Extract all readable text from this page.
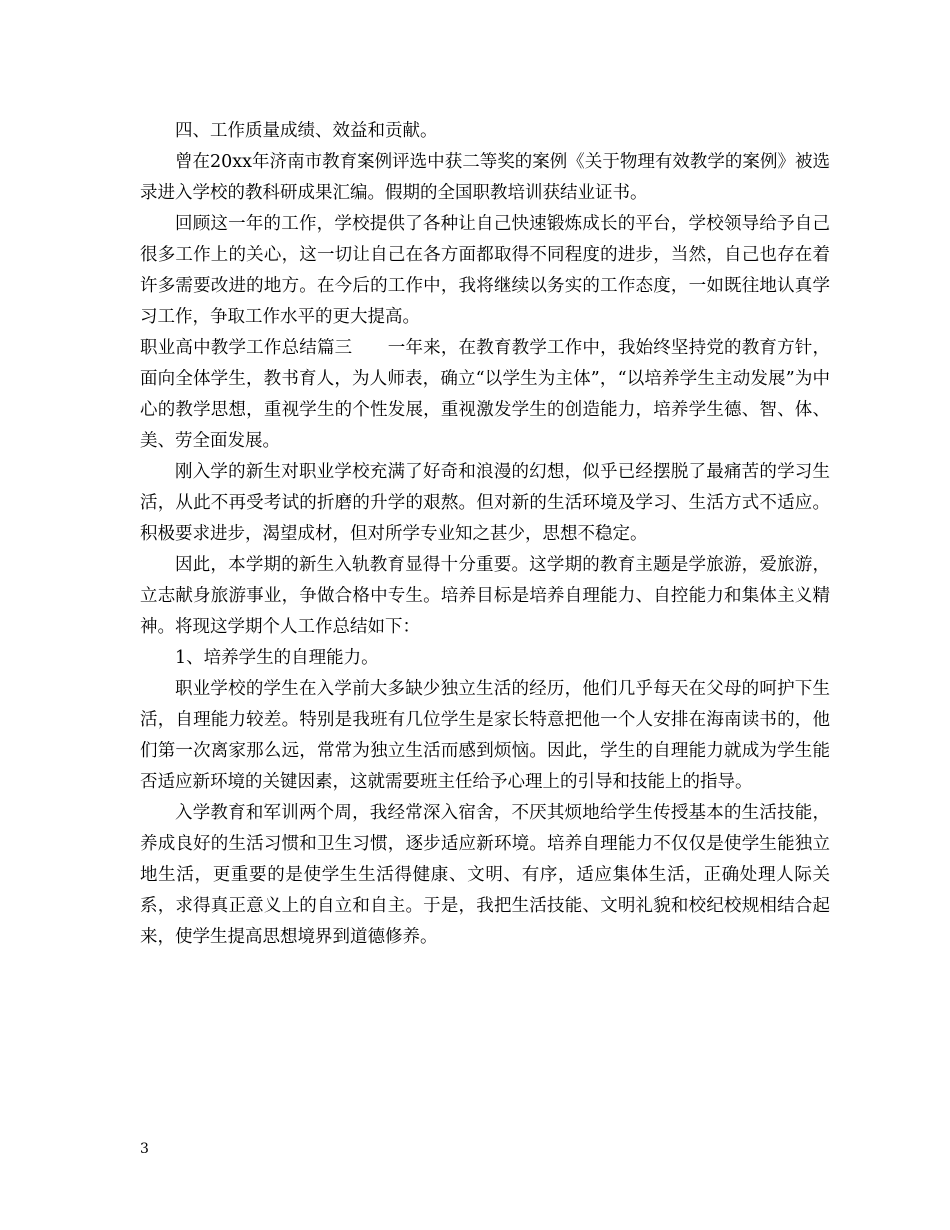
四、工作质量成绩、效益和贡献。

曾在20xx年济南市教育案例评选中获二等奖的案例《关于物理有效教学的案例》被选录进入学校的教科研成果汇编。假期的全国职教培训获结业证书。

回顾这一年的工作，学校提供了各种让自己快速锻炼成长的平台，学校领导给予自己很多工作上的关心，这一切让自己在各方面都取得不同程度的进步，当然，自己也存在着许多需要改进的地方。在今后的工作中，我将继续以务实的工作态度，一如既往地认真学习工作，争取工作水平的更大提高。

职业高中教学工作总结篇三　　一年来，在教育教学工作中，我始终坚持党的教育方针，面向全体学生，教书育人，为人师表，确立“以学生为主体”，“以培养学生主动发展”为中心的教学思想，重视学生的个性发展，重视激发学生的创造能力，培养学生德、智、体、美、劳全面发展。

刚入学的新生对职业学校充满了好奇和浪漫的幻想，似乎已经摆脱了最痛苦的学习生活，从此不再受考试的折磨的升学的艰熬。但对新的生活环境及学习、生活方式不适应。积极要求进步，渴望成材，但对所学专业知之甚少，思想不稳定。

因此，本学期的新生入轨教育显得十分重要。这学期的教育主题是学旅游，爱旅游，立志献身旅游事业，争做合格中专生。培养目标是培养自理能力、自控能力和集体主义精神。将现这学期个人工作总结如下：

1、培养学生的自理能力。

职业学校的学生在入学前大多缺少独立生活的经历，他们几乎每天在父母的呵护下生活，自理能力较差。特别是我班有几位学生是家长特意把他一个人安排在海南读书的，他们第一次离家那么远，常常为独立生活而感到烦恼。因此，学生的自理能力就成为学生能否适应新环境的关键因素，这就需要班主任给予心理上的引导和技能上的指导。

入学教育和军训两个周，我经常深入宿舍，不厌其烦地给学生传授基本的生活技能，养成良好的生活习惯和卫生习惯，逐步适应新环境。培养自理能力不仅仅是使学生能独立地生活，更重要的是使学生生活得健康、文明、有序，适应集体生活，正确处理人际关系，求得真正意义上的自立和自主。于是，我把生活技能、文明礼貌和校纪校规相结合起来，使学生提高思想境界到道德修养。

3
